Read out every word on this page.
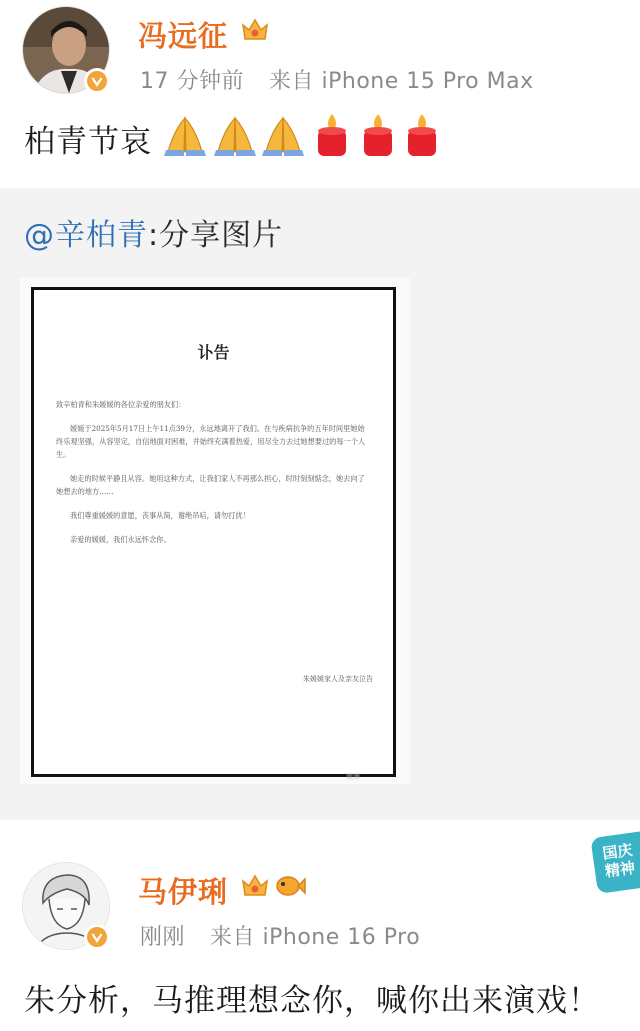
冯远征
17 分钟前 来自 iPhone 15 Pro Max
柏青节哀
@辛柏青:分享图片
讣告

致辛柏青和朱媛媛的各位亲爱的朋友们：

媛媛于2025年5月17日上午11点39分，永远地离开了我们。在与疾病抗争的五年时间里她始终乐观坚强，从容坚定，自信地面对困难，并始终充满着热爱，用尽全力去过她想要过的每一个人生。

她走的时候平静且从容。她用这种方式，让我们家人不再那么担心，时时刻刻惦念，她去向了她想去的地方……

我们尊重媛媛的意愿，丧事从简，谢绝吊唁，请勿打扰！

亲爱的媛媛，我们永远怀念你。

朱媛媛家人及亲友泣告
微博
国庆 精神
马伊琍
刚刚 来自 iPhone 16 Pro
朱分析，马推理想念你，喊你出来演戏！
